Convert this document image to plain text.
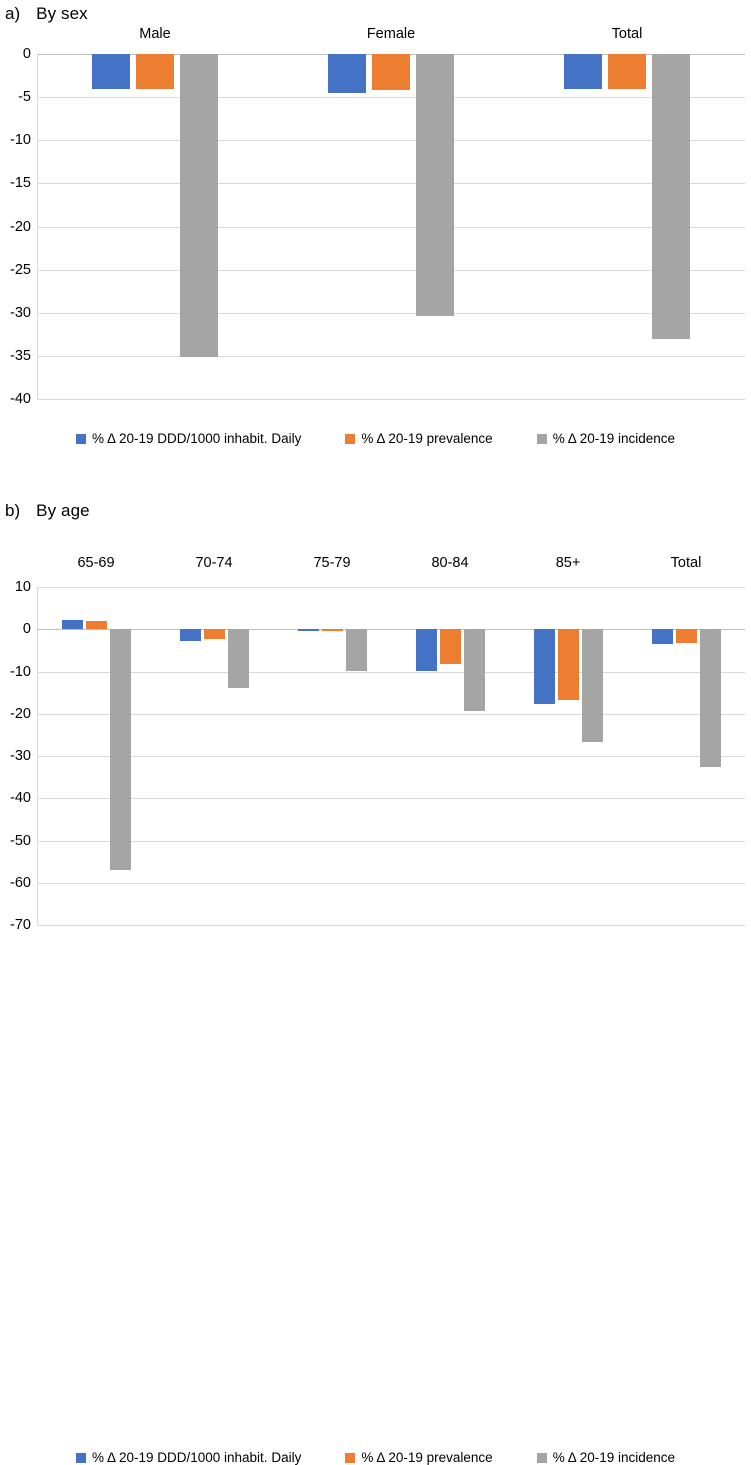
a) By sex
0
-5
-10
-15
-20
-25
-30
-35
-40
Male	Female	Total
% Δ 20-19 DDD/1000 inhabit. Daily	% Δ 20-19 prevalence	% Δ 20-19 incidence
b) By age
10
0
-10
-20
-30
-40
-50
-60
-70
65-69	70-74	75-79	80-84	85+	Total
% Δ 20-19 DDD/1000 inhabit. Daily	% Δ 20-19 prevalence	% Δ 20-19 incidence
